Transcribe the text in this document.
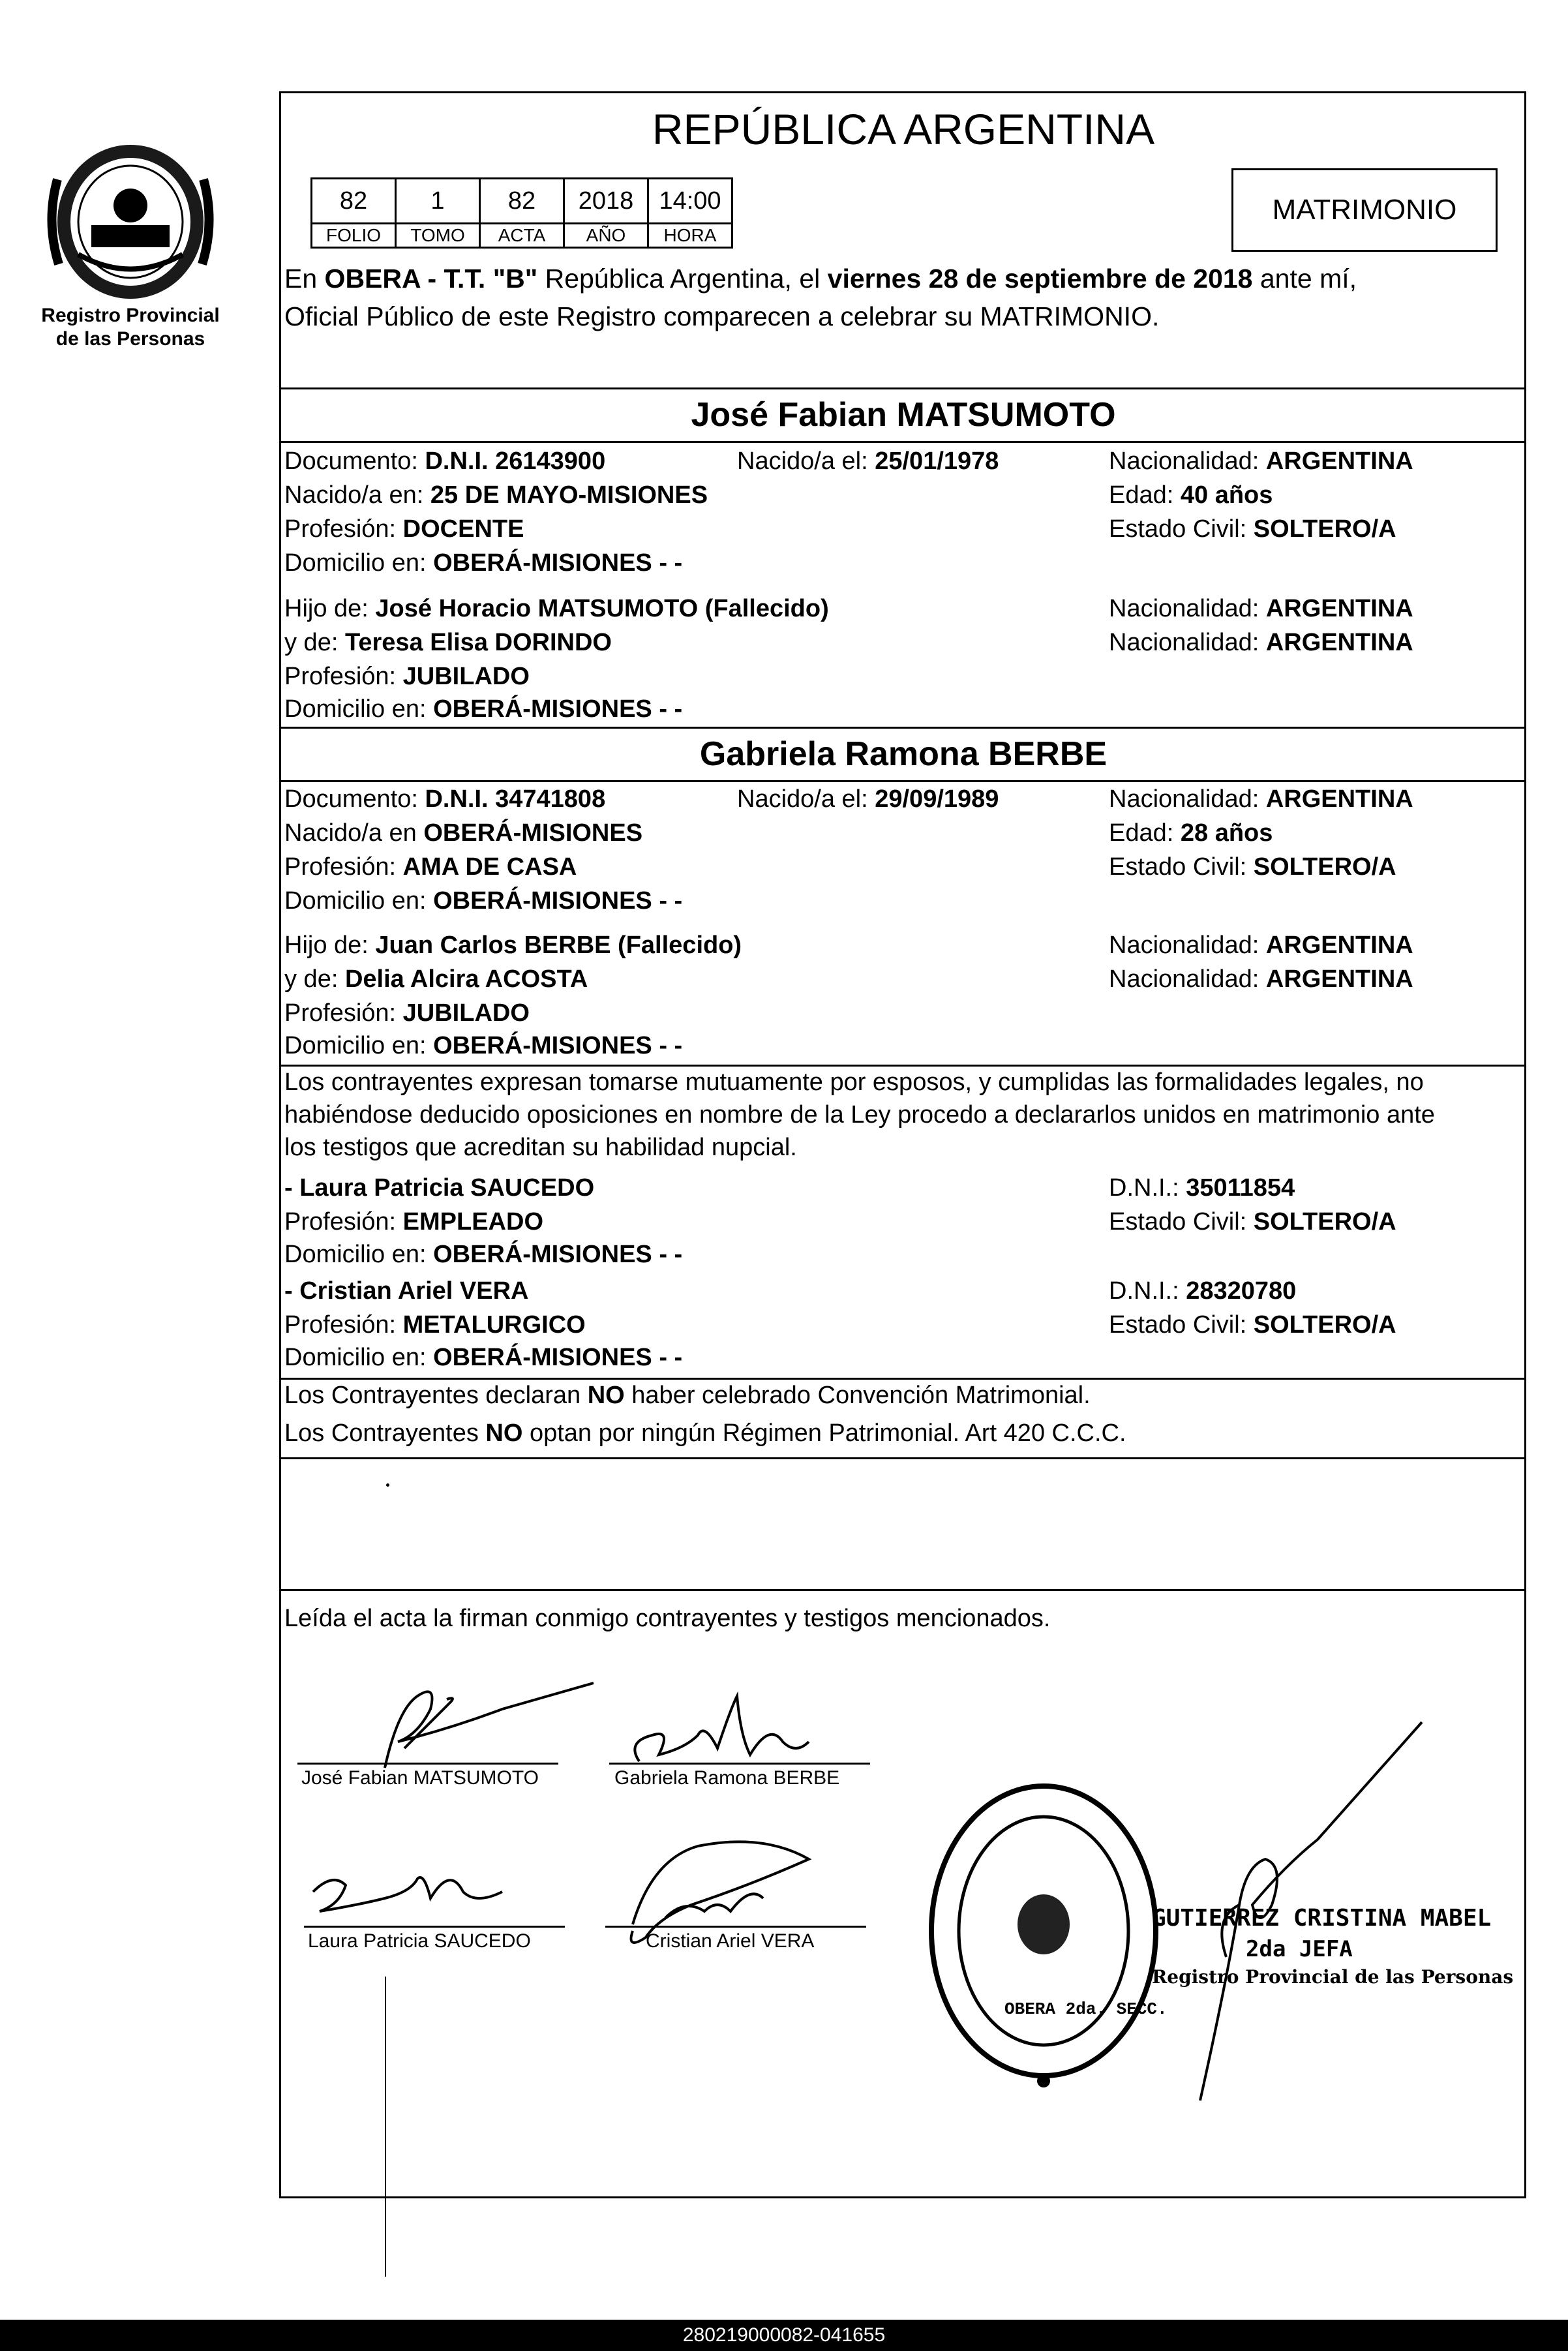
Registro Provincial
de las Personas
REPÚBLICA ARGENTINA
82	1	82	2018	14:00
FOLIO	TOMO	ACTA	AÑO	HORA
MATRIMONIO
En OBERA - T.T. "B" República Argentina, el viernes 28 de septiembre de 2018 ante mí,
Oficial Público de este Registro comparecen a celebrar su MATRIMONIO.
José Fabian MATSUMOTO
Documento: D.N.I. 26143900	Nacido/a el: 25/01/1978	Nacionalidad: ARGENTINA
Nacido/a en: 25 DE MAYO-MISIONES	Edad: 40 años
Profesión: DOCENTE	Estado Civil: SOLTERO/A
Domicilio en: OBERÁ-MISIONES - -
Hijo de: José Horacio MATSUMOTO (Fallecido)	Nacionalidad: ARGENTINA
y de: Teresa Elisa DORINDO	Nacionalidad: ARGENTINA
Profesión: JUBILADO
Domicilio en: OBERÁ-MISIONES - -
Gabriela Ramona BERBE
Documento: D.N.I. 34741808	Nacido/a el: 29/09/1989	Nacionalidad: ARGENTINA
Nacido/a en OBERÁ-MISIONES	Edad: 28 años
Profesión: AMA DE CASA	Estado Civil: SOLTERO/A
Domicilio en: OBERÁ-MISIONES - -
Hijo de: Juan Carlos BERBE (Fallecido)	Nacionalidad: ARGENTINA
y de: Delia Alcira ACOSTA	Nacionalidad: ARGENTINA
Profesión: JUBILADO
Domicilio en: OBERÁ-MISIONES - -
Los contrayentes expresan tomarse mutuamente por esposos, y cumplidas las formalidades legales, no
habiéndose deducido oposiciones en nombre de la Ley procedo a declararlos unidos en matrimonio ante
los testigos que acreditan su habilidad nupcial.
- Laura Patricia SAUCEDO	D.N.I.: 35011854
Profesión: EMPLEADO	Estado Civil: SOLTERO/A
Domicilio en: OBERÁ-MISIONES - -
- Cristian Ariel VERA	D.N.I.: 28320780
Profesión: METALURGICO	Estado Civil: SOLTERO/A
Domicilio en: OBERÁ-MISIONES - -
Los Contrayentes declaran NO haber celebrado Convención Matrimonial.
Los Contrayentes NO optan por ningún Régimen Patrimonial. Art 420 C.C.C.
Leída el acta la firman conmigo contrayentes y testigos mencionados.
José Fabian MATSUMOTO	Gabriela Ramona BERBE
Laura Patricia SAUCEDO	Cristian Ariel VERA
OBERA 2da. SECC.
GUTIERREZ CRISTINA MABEL
2da JEFA
Registro Provincial de las Personas
280219000082-041655
